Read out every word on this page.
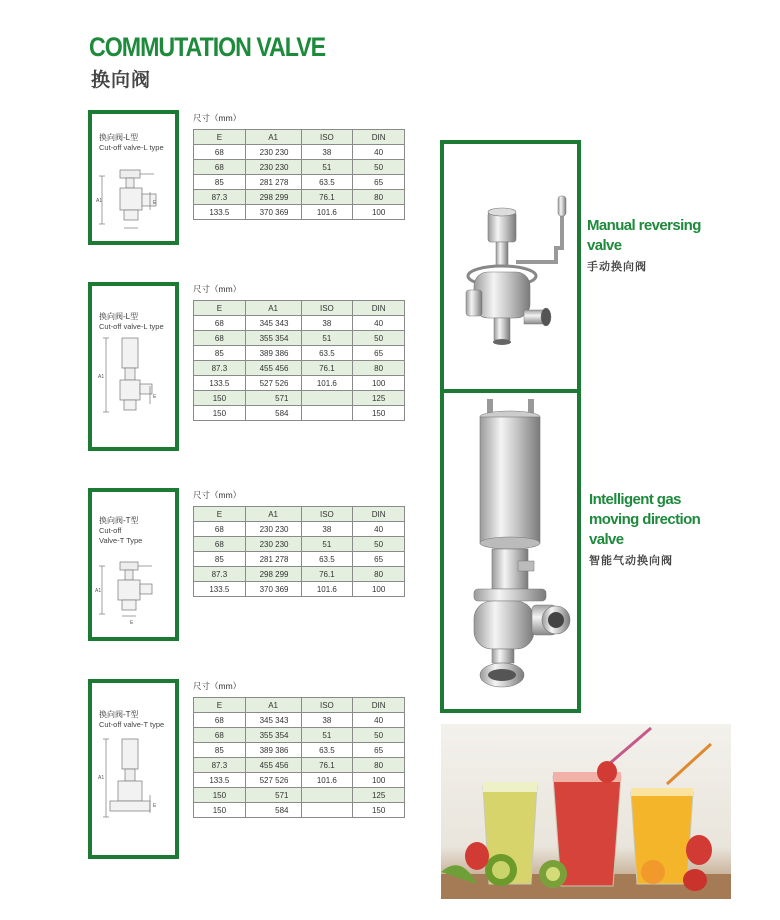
COMMUTATION VALVE
换向阀
换向阀-L型
Cut-off valve-L type
A1	E
尺寸（mm）
E	A1	ISO	DIN
68	230 230	38	40
68	230 230	51	50
85	281 278	63.5	65
87.3	298 299	76.1	80
133.5	370 369	101.6	100
换向阀-L型
Cut-off valve-L type
A1
E
尺寸（mm）
E	A1	ISO	DIN
68	345 343	38	40
68	355 354	51	50
85	389 386	63.5	65
87.3	455 456	76.1	80
133.5	527 526	101.6	100
150	571		125
150	584		150
换向阀-T型
Cut-off
Valve-T Type
A1
E
尺寸（mm）
E	A1	ISO	DIN
68	230 230	38	40
68	230 230	51	50
85	281 278	63.5	65
87.3	298 299	76.1	80
133.5	370 369	101.6	100
换向阀-T型
Cut-off valve-T type
A1
E
尺寸（mm）
E	A1	ISO	DIN
68	345 343	38	40
68	355 354	51	50
85	389 386	63.5	65
87.3	455 456	76.1	80
133.5	527 526	101.6	100
150	571		125
150	584		150
Manual reversing
valve
手动换向阀
Intelligent gas
moving direction
valve
智能气动换向阀
